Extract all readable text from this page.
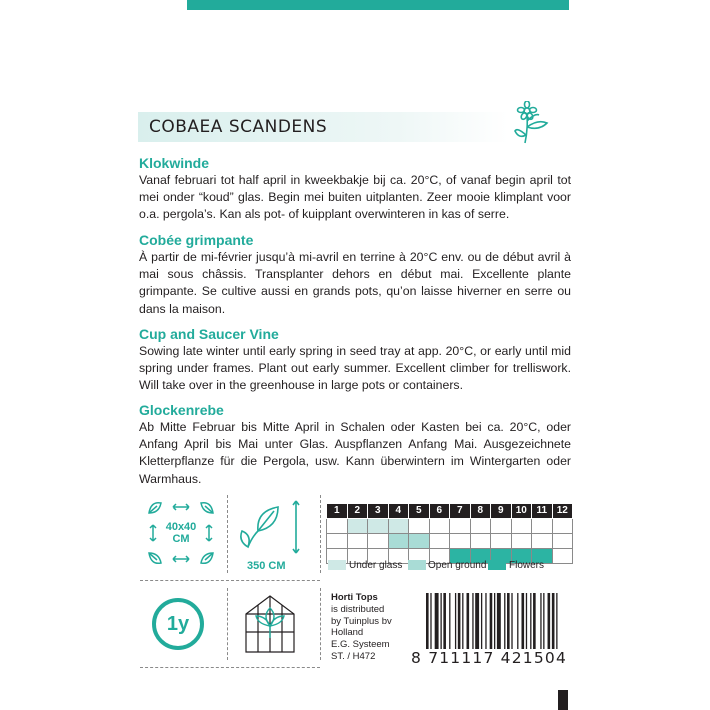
COBAEA SCANDENS
Klokwinde

Vanaf februari tot half april in kweekbakje bij ca. 20°C, of vanaf begin april tot mei onder “koud” glas. Begin mei buiten uitplanten. Zeer mooie klimplant voor o.a. pergola’s. Kan als pot- of kuipplant overwinteren in kas of serre.

Cobée grimpante

À partir de mi-février jusqu’à mi-avril en terrine à 20°C env. ou de début avril à mai sous châssis. Transplanter dehors en début mai. Excellente plante grimpante. Se cultive aussi en grands pots, qu’on laisse hiverner en serre ou dans la maison.

Cup and Saucer Vine

Sowing late winter until early spring in seed tray at app. 20°C, or early until mid spring under frames. Plant out early summer. Excellent climber for trelliswork. Will take over in the greenhouse in large pots or containers.

Glockenrebe

Ab Mitte Februar bis Mitte April in Schalen oder Kasten bei ca. 20°C, oder Anfang April bis Mai unter Glas. Auspflanzen Anfang Mai. Ausgezeichnete Kletterpflanze für die Pergola, usw. Kann überwintern im Wintergarten oder Warmhaus.

40x40
CM
350 CM
1	2	3	4	5	6	7	8	9	10	11	12

Under glass	Open ground Flowers
1y
Horti Tops
is distributed
by Tuinplus bv
Holland
E.G. Systeem
ST. / H472	8 711117 421504
